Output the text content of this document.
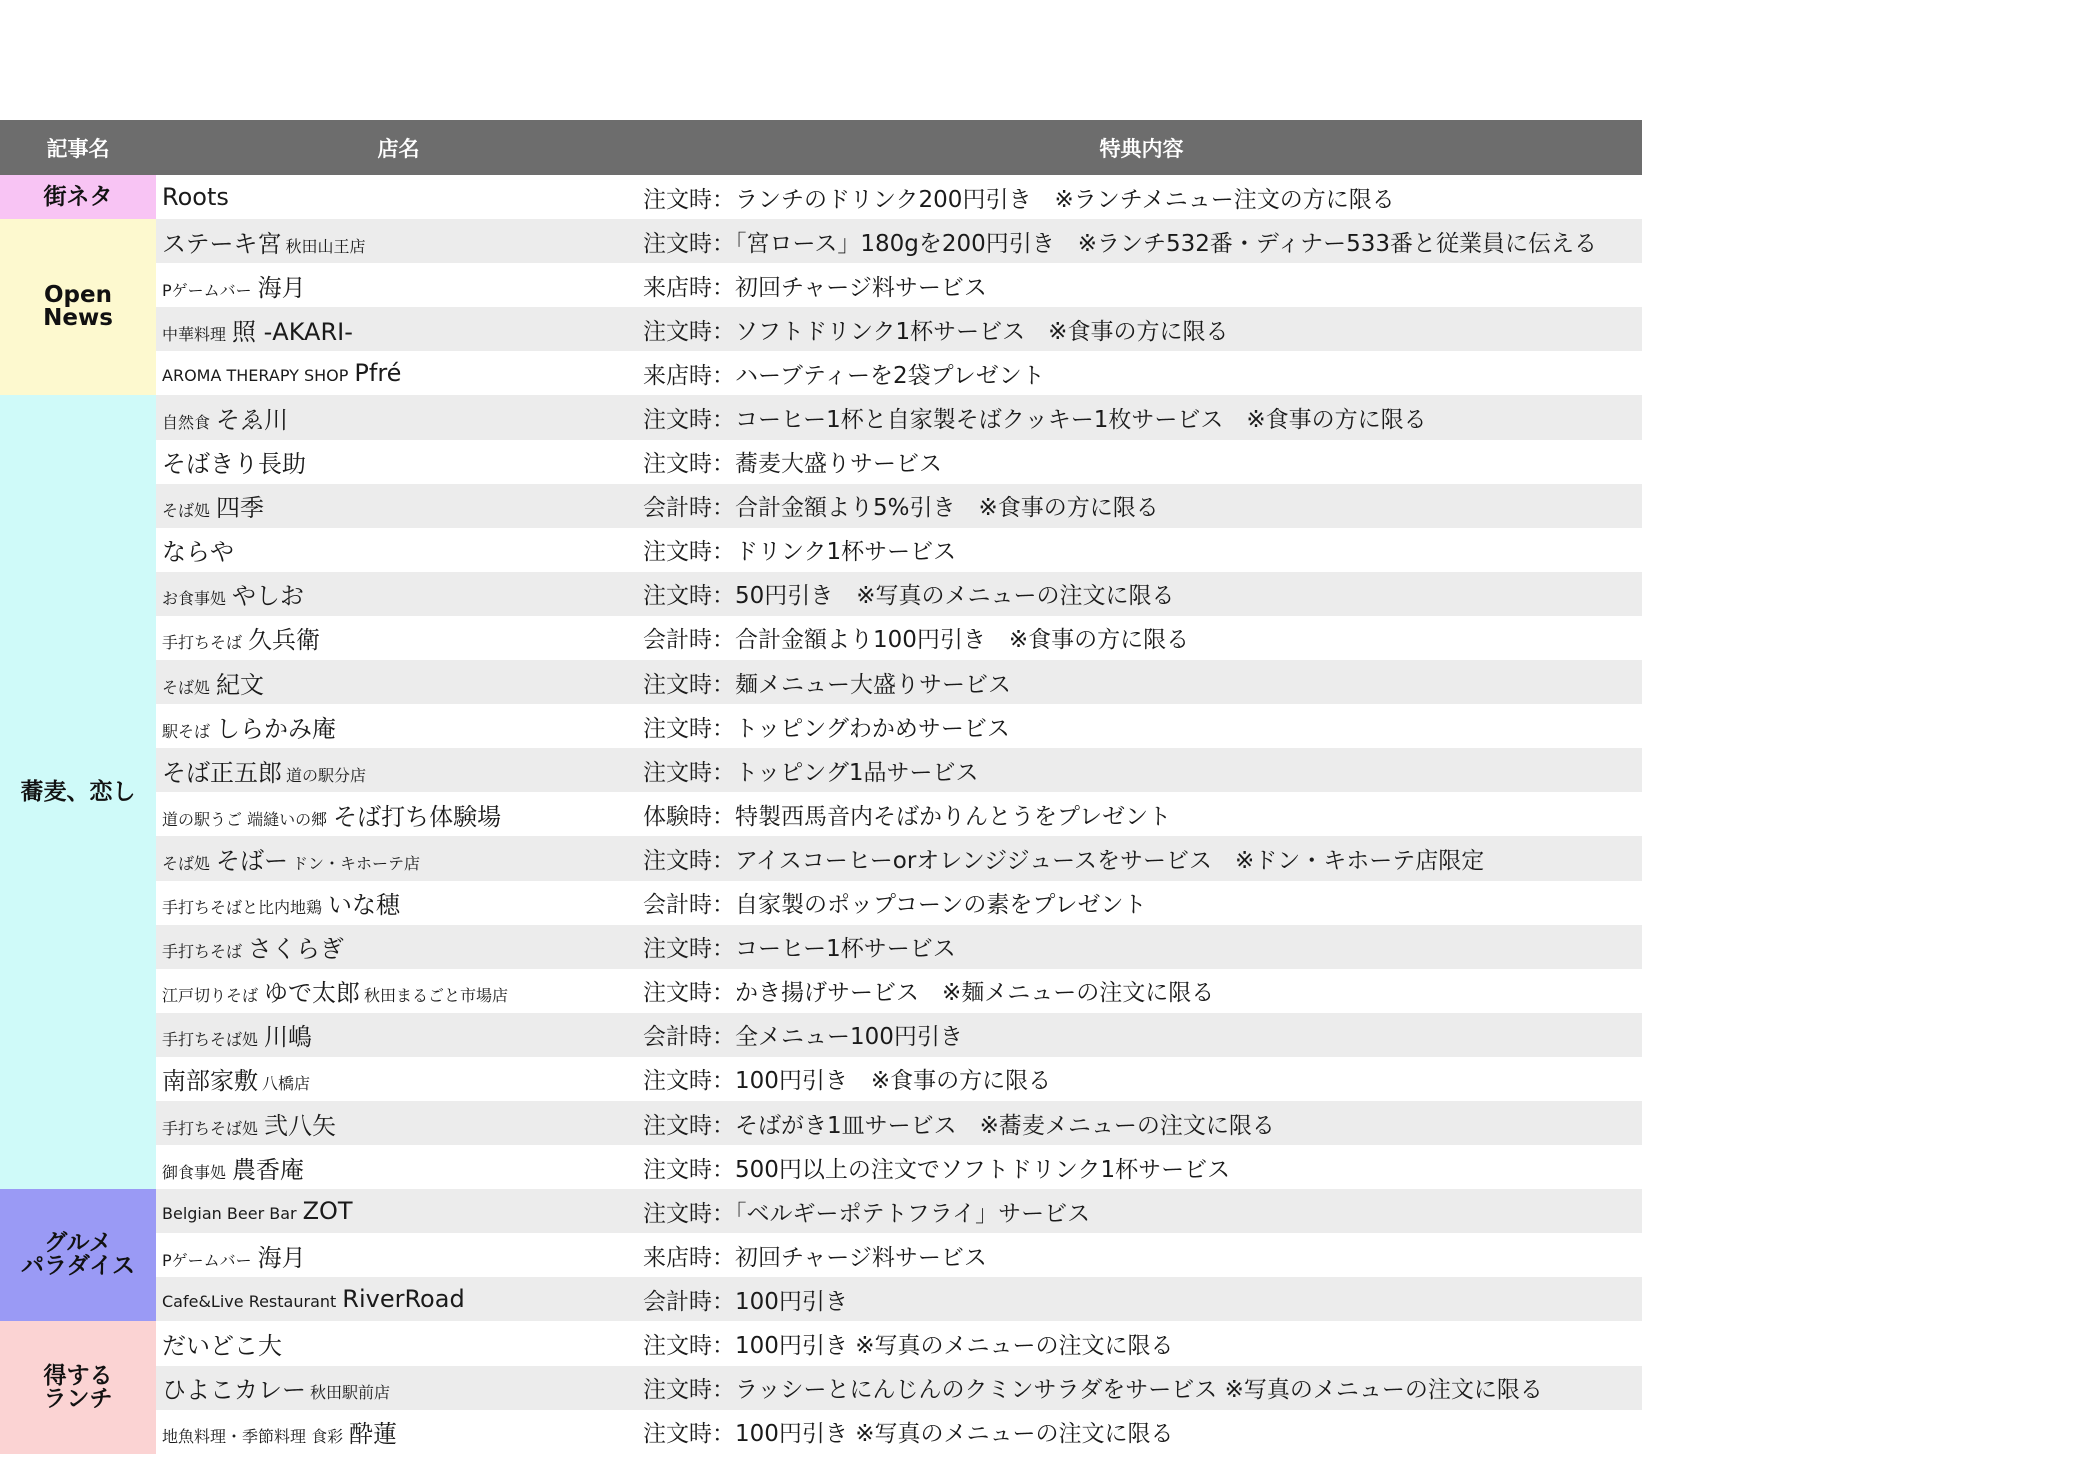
記事名	店名	特典内容
街ネタ	Roots	注文時：ランチのドリンク200円引き　※ランチメニュー注文の方に限る
Open
News	ステーキ宮 秋田山王店	注文時：「宮ロース」180gを200円引き　※ランチ532番・ディナー533番と従業員に伝える
	Pゲームバー 海月	来店時：初回チャージ料サービス
	中華料理 照 -AKARI-	注文時：ソフトドリンク1杯サービス　※食事の方に限る
	AROMA THERAPY SHOP Pfré	来店時：ハーブティーを2袋プレゼント
蕎麦、恋し	自然食 そゑ川	注文時：コーヒー1杯と自家製そばクッキー1枚サービス　※食事の方に限る
	そばきり長助	注文時：蕎麦大盛りサービス
	そば処 四季	会計時：合計金額より5%引き　※食事の方に限る
	ならや	注文時：ドリンク1杯サービス
	お食事処 やしお	注文時：50円引き　※写真のメニューの注文に限る
	手打ちそば 久兵衛	会計時：合計金額より100円引き　※食事の方に限る
	そば処 紀文	注文時：麺メニュー大盛りサービス
	駅そば しらかみ庵	注文時：トッピングわかめサービス
	そば正五郎 道の駅分店	注文時：トッピング1品サービス
	道の駅うご 端縫いの郷 そば打ち体験場	体験時：特製西馬音内そばかりんとうをプレゼント
	そば処 そばー ドン・キホーテ店	注文時：アイスコーヒーorオレンジジュースをサービス　※ドン・キホーテ店限定
	手打ちそばと比内地鶏 いな穂	会計時：自家製のポップコーンの素をプレゼント
	手打ちそば さくらぎ	注文時：コーヒー1杯サービス
	江戸切りそば ゆで太郎 秋田まるごと市場店	注文時：かき揚げサービス　※麺メニューの注文に限る
	手打ちそば処 川嶋	会計時：全メニュー100円引き
	南部家敷 八橋店	注文時：100円引き　※食事の方に限る
	手打ちそば処 弐八矢	注文時：そばがき1皿サービス　※蕎麦メニューの注文に限る
	御食事処 農香庵	注文時：500円以上の注文でソフトドリンク1杯サービス
グルメ
パラダイス	Belgian Beer Bar ZOT	注文時：「ベルギーポテトフライ」サービス
	Pゲームバー 海月	来店時：初回チャージ料サービス
	Cafe&Live Restaurant RiverRoad	会計時：100円引き
得する
ランチ	だいどこ大	注文時：100円引き ※写真のメニューの注文に限る
	ひよこカレー 秋田駅前店	注文時：ラッシーとにんじんのクミンサラダをサービス ※写真のメニューの注文に限る
	地魚料理・季節料理 食彩 酔蓮	注文時：100円引き ※写真のメニューの注文に限る
